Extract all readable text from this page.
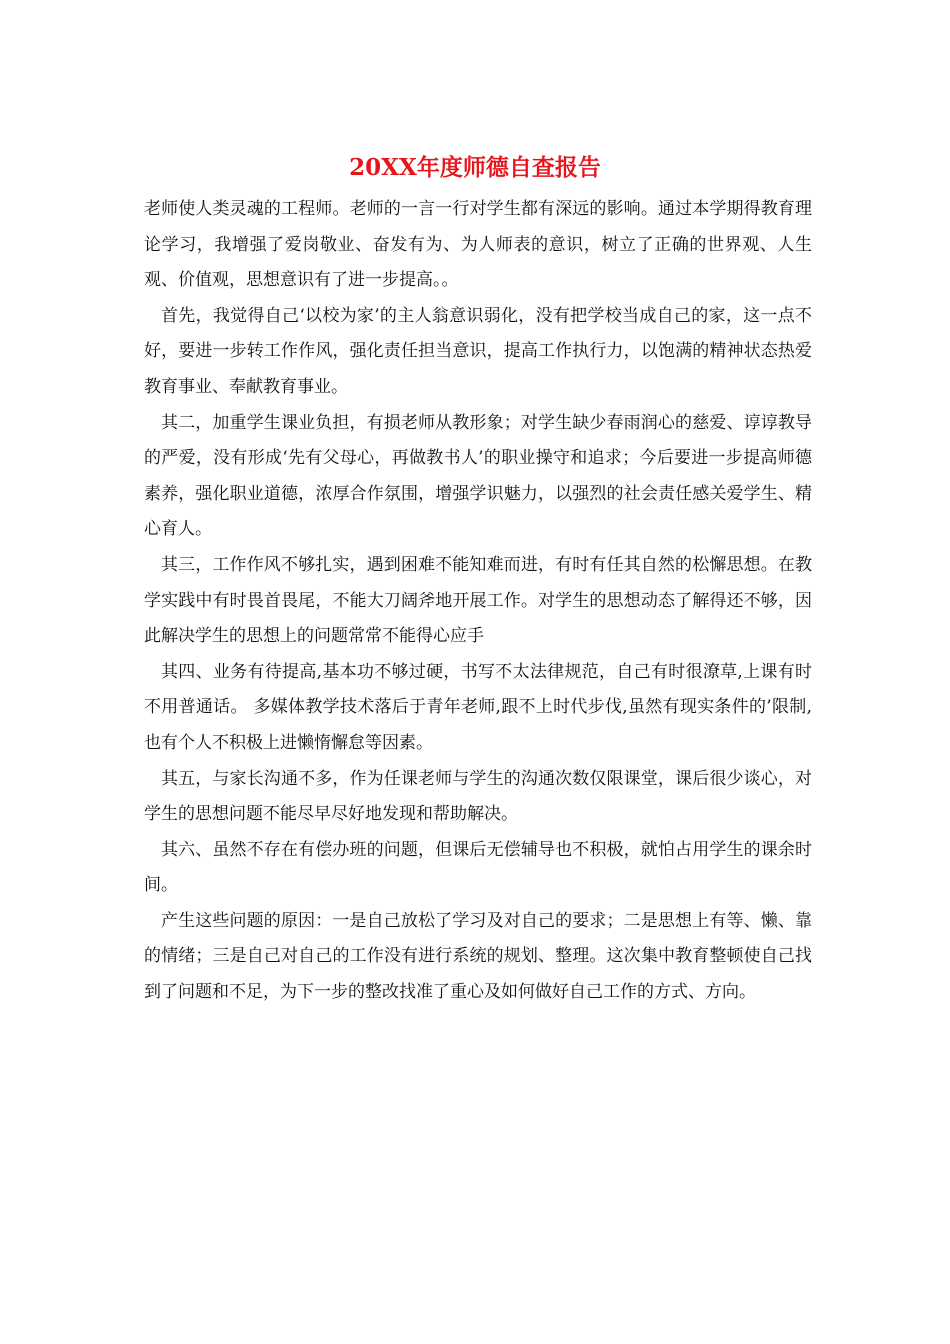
20XX年度师德自查报告

老师使人类灵魂的工程师。老师的一言一行对学生都有深远的影响。通过本学期得教育理论学习，我增强了爱岗敬业、奋发有为、为人师表的意识，树立了正确的世界观、人生观、价值观，思想意识有了进一步提高。。

首先，我觉得自己‘以校为家’的主人翁意识弱化，没有把学校当成自己的家，这一点不好，要进一步转工作作风，强化责任担当意识，提高工作执行力，以饱满的精神状态热爱教育事业、奉献教育事业。

其二，加重学生课业负担，有损老师从教形象；对学生缺少春雨润心的慈爱、谆谆教导的严爱，没有形成‘先有父母心，再做教书人’的职业操守和追求；今后要进一步提高师德素养，强化职业道德，浓厚合作氛围，增强学识魅力，以强烈的社会责任感关爱学生、精心育人。

其三，工作作风不够扎实，遇到困难不能知难而进，有时有任其自然的松懈思想。在教学实践中有时畏首畏尾，不能大刀阔斧地开展工作。对学生的思想动态了解得还不够，因此解决学生的思想上的问题常常不能得心应手

其四、业务有待提高,基本功不够过硬，书写不太法律规范，自己有时很潦草,上课有时不用普通话。 多媒体教学技术落后于青年老师,跟不上时代步伐,虽然有现实条件的’限制,也有个人不积极上进懒惰懈怠等因素。

其五，与家长沟通不多，作为任课老师与学生的沟通次数仅限课堂，课后很少谈心，对学生的思想问题不能尽早尽好地发现和帮助解决。

其六、虽然不存在有偿办班的问题，但课后无偿辅导也不积极，就怕占用学生的课余时间。

产生这些问题的原因：一是自己放松了学习及对自己的要求；二是思想上有等、懒、靠的情绪；三是自己对自己的工作没有进行系统的规划、整理。这次集中教育整顿使自己找到了问题和不足，为下一步的整改找准了重心及如何做好自己工作的方式、方向。
